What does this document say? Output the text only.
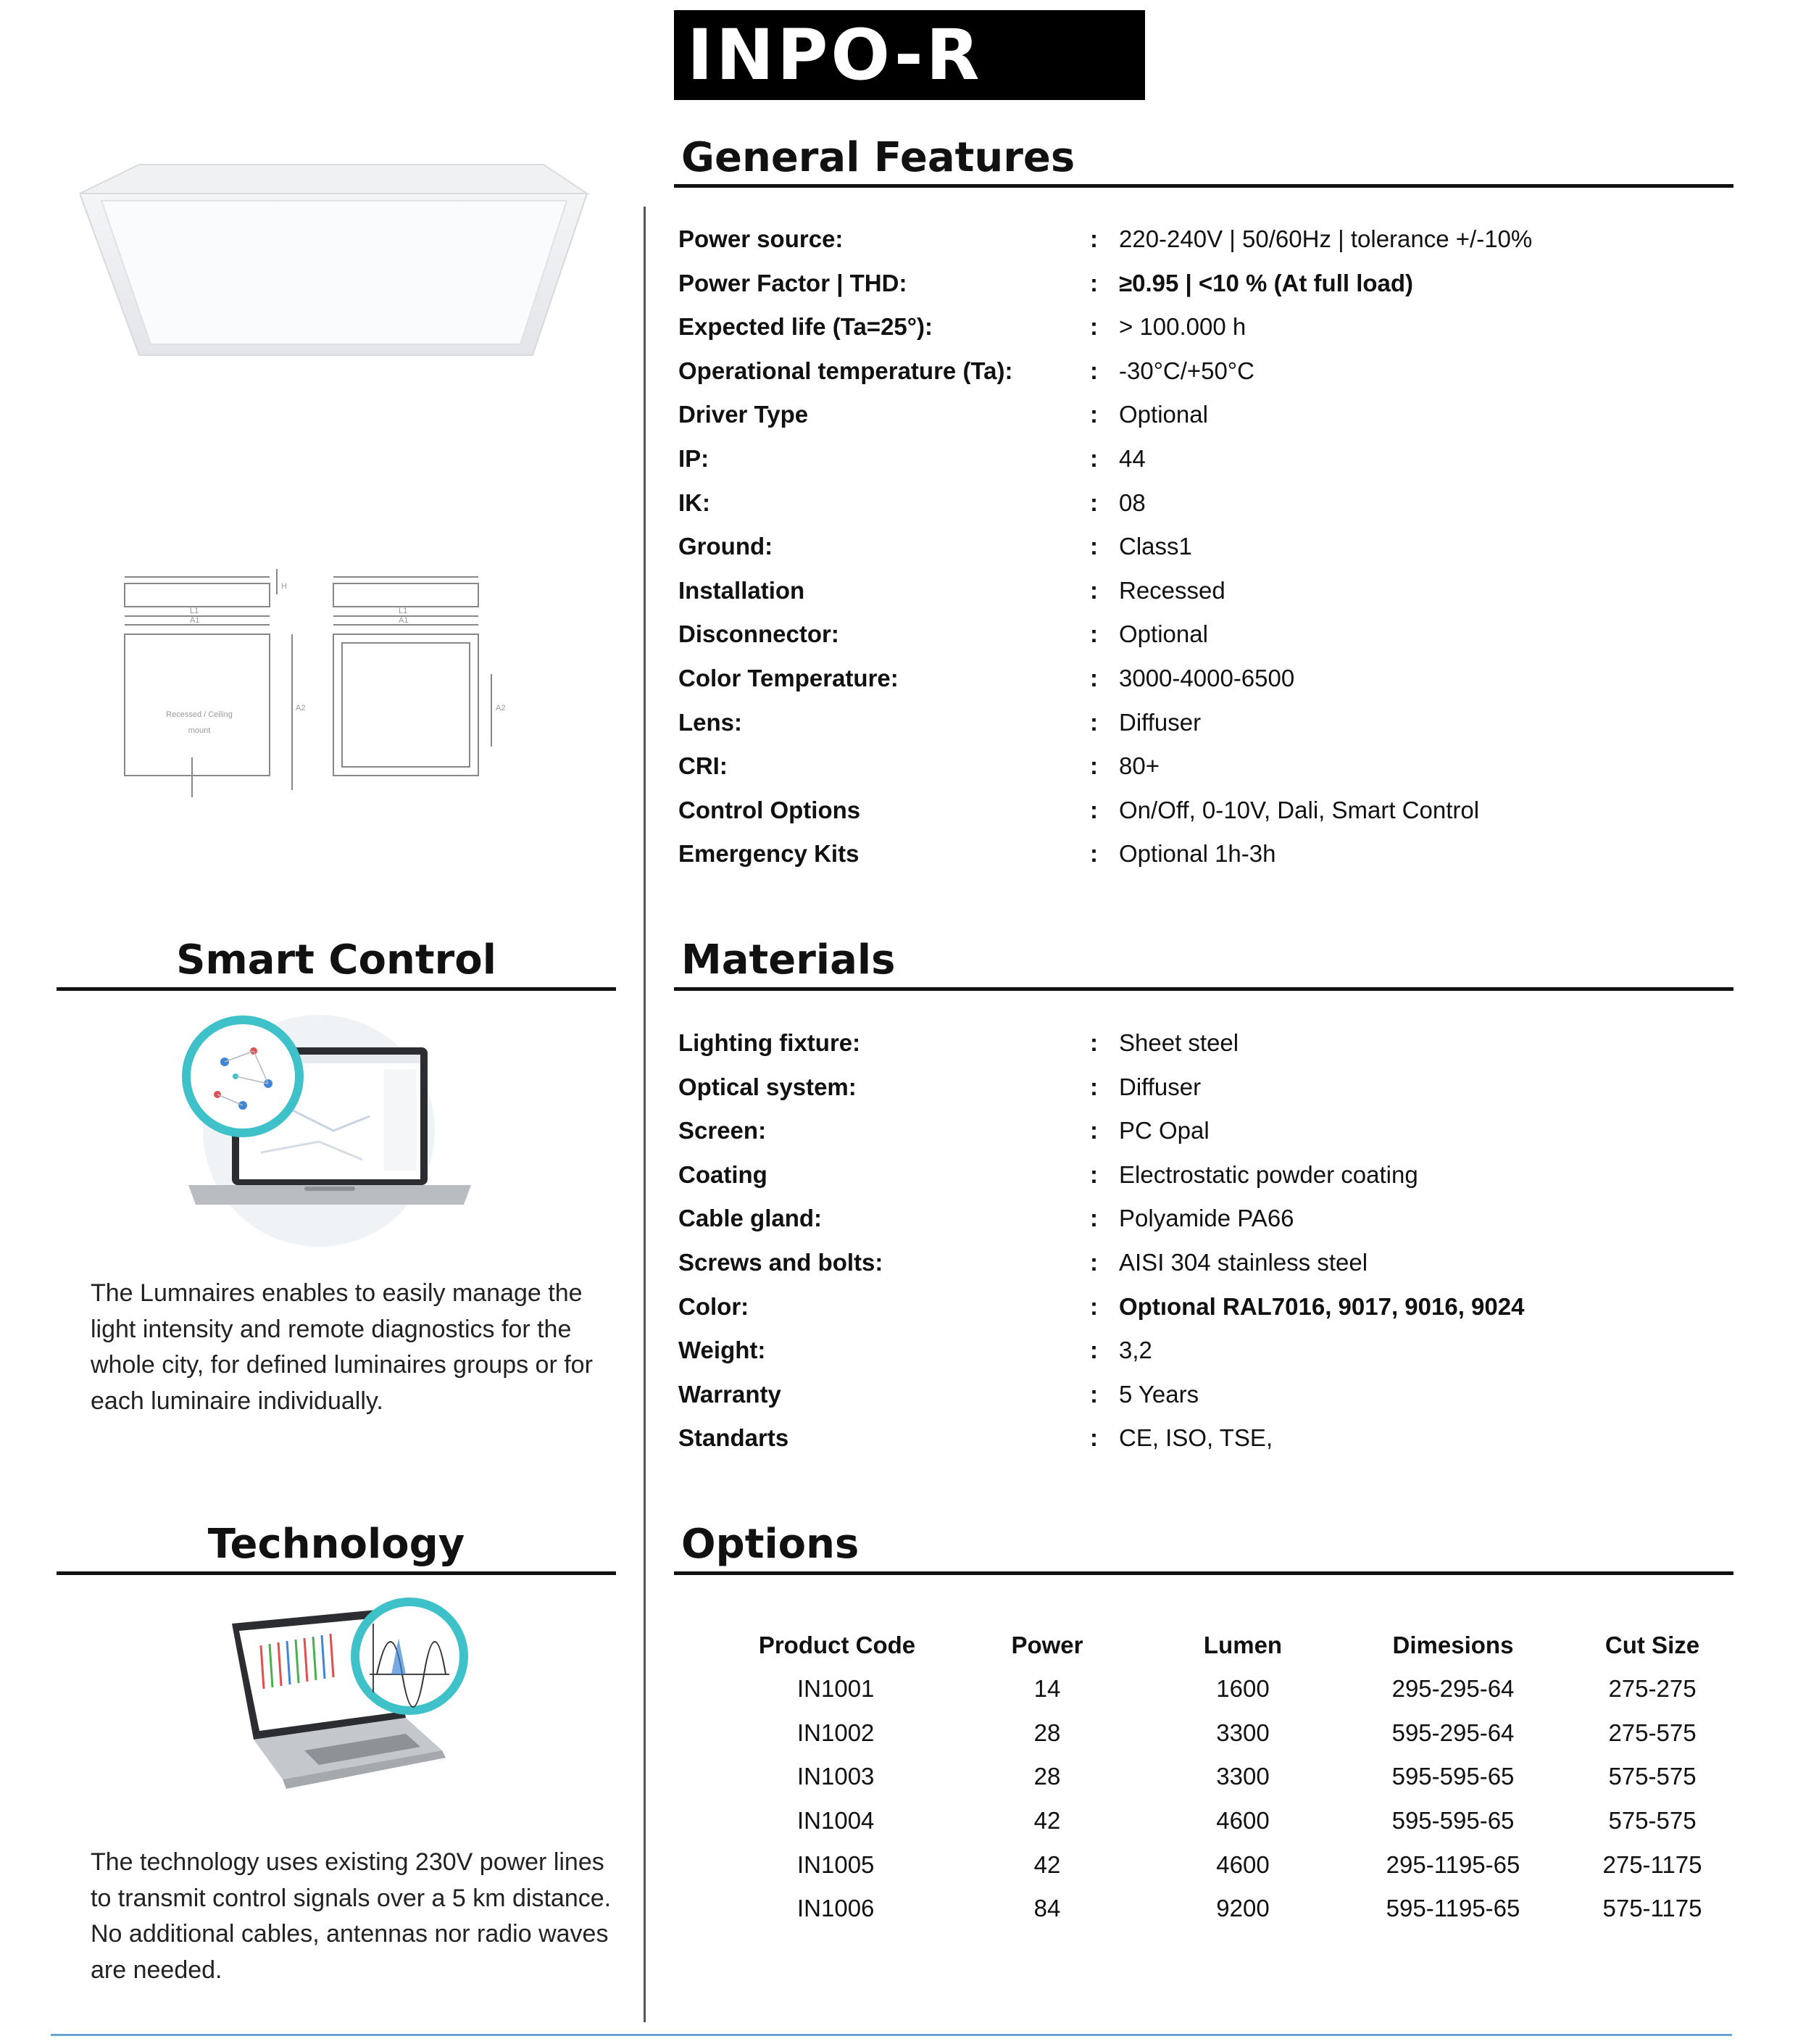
INPO-R
L1
A1
H
A2
L1
A1
A2
Recessed / Ceiling mount
General Features
Power source:	: 220-240V | 50/60Hz | tolerance +/-10%
Power Factor | THD:	: ≥0.95 | <10 % (At full load)
Expected life (Ta=25°):	: > 100.000 h
Operational temperature (Ta):	: -30°C/+50°C
Driver Type	: Optional
IP:	: 44
IK:	: 08
Ground:	: Class1
Installation	: Recessed
Disconnector:	: Optional
Color Temperature:	: 3000-4000-6500
Lens:	: Diffuser
CRI:	: 80+
Control Options	: On/Off, 0-10V, Dali, Smart Control
Emergency Kits	: Optional 1h-3h
Smart Control
The Lumnaires enables to easily manage the light intensity and remote diagnostics for the whole city, for defined luminaires groups or for each luminaire individually.
Materials
Lighting fixture:	: Sheet steel
Optical system:	: Diffuser
Screen:	: PC Opal
Coating	: Electrostatic powder coating
Cable gland:	: Polyamide PA66
Screws and bolts:	: AISI 304 stainless steel
Color:	: Optıonal RAL7016, 9017, 9016, 9024
Weight:	: 3,2
Warranty	: 5 Years
Standarts	: CE, ISO, TSE,
Technology
The technology uses existing 230V power lines to transmit control signals over a 5 km distance. No additional cables, antennas nor radio waves are needed.
Options
Product Code	Power	Lumen	Dimesions	Cut Size
IN1001	14	1600	295-295-64	275-275
IN1002	28	3300	595-295-64	275-575
IN1003	28	3300	595-595-65	575-575
IN1004	42	4600	595-595-65	575-575
IN1005	42	4600	295-1195-65	275-1175
IN1006	84	9200	595-1195-65	575-1175
